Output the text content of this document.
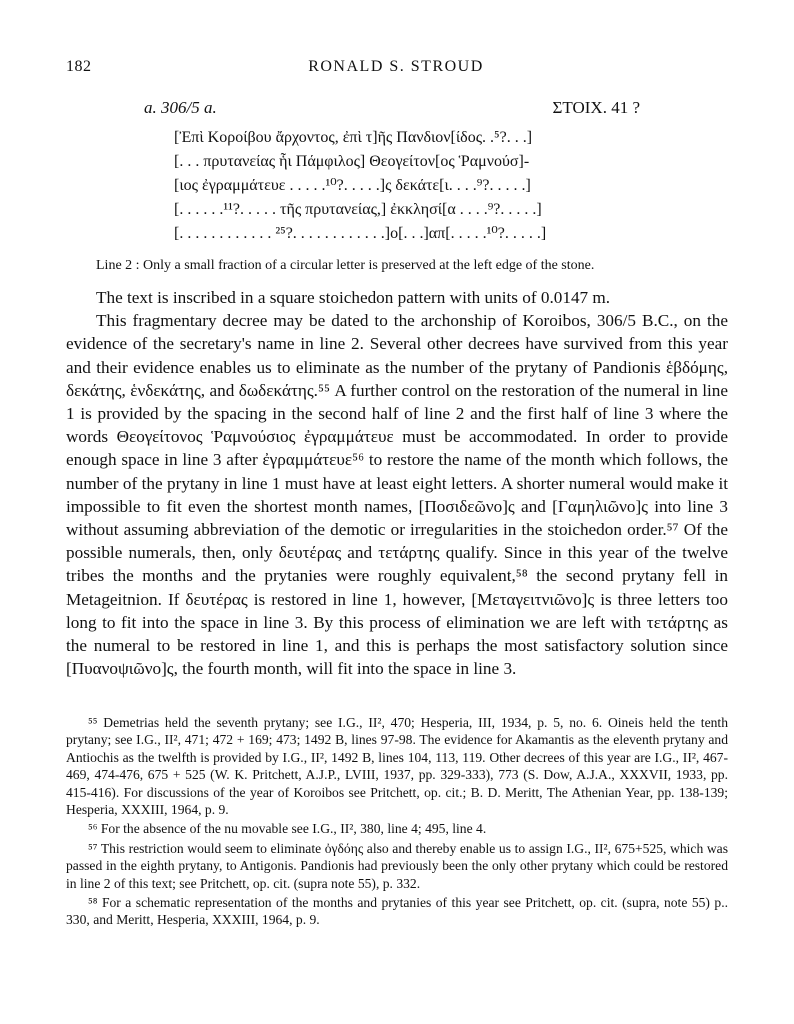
182	RONALD S. STROUD
a. 306/5 a.	ΣΤΟΙΧ. 41 ?
[Ἐπὶ Κοροίβου ἄρχοντος, ἐπὶ τ]ῆς Πανδιον[ίδος. .⁵?. . .]
[. . . πρυτανείας ἧι Πάμφιλος] Θεογείτον[ος Ῥαμνούσ]-
[ιος ἐγραμμάτευε . . . . .¹⁰?. . . . .]ς δεκάτε[ι. . . .⁹?. . . . .]
[. . . . . .¹¹?. . . . . τῆς πρυτανείας,] ἐκκλησί[α . . . .⁹?. . . . .]
[. . . . . . . . . . . . ²⁵?. . . . . . . . . . . .]ο[. . .]απ[. . . . .¹⁰?. . . . .]
Line 2 : Only a small fraction of a circular letter is preserved at the left edge of the stone.

The text is inscribed in a square stoichedon pattern with units of 0.0147 m.

This fragmentary decree may be dated to the archonship of Koroibos, 306/5 B.C., on the evidence of the secretary's name in line 2. Several other decrees have survived from this year and their evidence enables us to eliminate as the number of the prytany of Pandionis ἑβδόμης, δεκάτης, ἑνδεκάτης, and δωδεκάτης.⁵⁵ A further control on the restoration of the numeral in line 1 is provided by the spacing in the second half of line 2 and the first half of line 3 where the words Θεογείτονος Ῥαμνούσιος ἐγραμμάτευε must be accommodated. In order to provide enough space in line 3 after ἐγραμμάτευε⁵⁶ to restore the name of the month which follows, the number of the prytany in line 1 must have at least eight letters. A shorter numeral would make it impossible to fit even the shortest month names, [Ποσιδεῶνο]ς and [Γαμηλιῶνο]ς into line 3 without assuming abbreviation of the demotic or irregularities in the stoichedon order.⁵⁷ Of the possible numerals, then, only δευτέρας and τετάρτης qualify. Since in this year of the twelve tribes the months and the prytanies were roughly equivalent,⁵⁸ the second prytany fell in Metageitnion. If δευτέρας is restored in line 1, however, [Μεταγειτνιῶνο]ς is three letters too long to fit into the space in line 3. By this process of elimination we are left with τετάρτης as the numeral to be restored in line 1, and this is perhaps the most satisfactory solution since [Πυανοψιῶνο]ς, the fourth month, will fit into the space in line 3.

⁵⁵ Demetrias held the seventh prytany; see I.G., II², 470; Hesperia, III, 1934, p. 5, no. 6. Oineis held the tenth prytany; see I.G., II², 471; 472 + 169; 473; 1492 B, lines 97-98. The evidence for Akamantis as the eleventh prytany and Antiochis as the twelfth is provided by I.G., II², 1492 B, lines 104, 113, 119. Other decrees of this year are I.G., II², 467-469, 474-476, 675 + 525 (W. K. Pritchett, A.J.P., LVIII, 1937, pp. 329-333), 773 (S. Dow, A.J.A., XXXVII, 1933, pp. 415-416). For discussions of the year of Koroibos see Pritchett, op. cit.; B. D. Meritt, The Athenian Year, pp. 138-139; Hesperia, XXXIII, 1964, p. 9.

⁵⁶ For the absence of the nu movable see I.G., II², 380, line 4; 495, line 4.

⁵⁷ This restriction would seem to eliminate ὀγδόης also and thereby enable us to assign I.G., II², 675+525, which was passed in the eighth prytany, to Antigonis. Pandionis had previously been the only other prytany which could be restored in line 2 of this text; see Pritchett, op. cit. (supra note 55), p. 332.

⁵⁸ For a schematic representation of the months and prytanies of this year see Pritchett, op. cit. (supra, note 55) p.. 330, and Meritt, Hesperia, XXXIII, 1964, p. 9.
